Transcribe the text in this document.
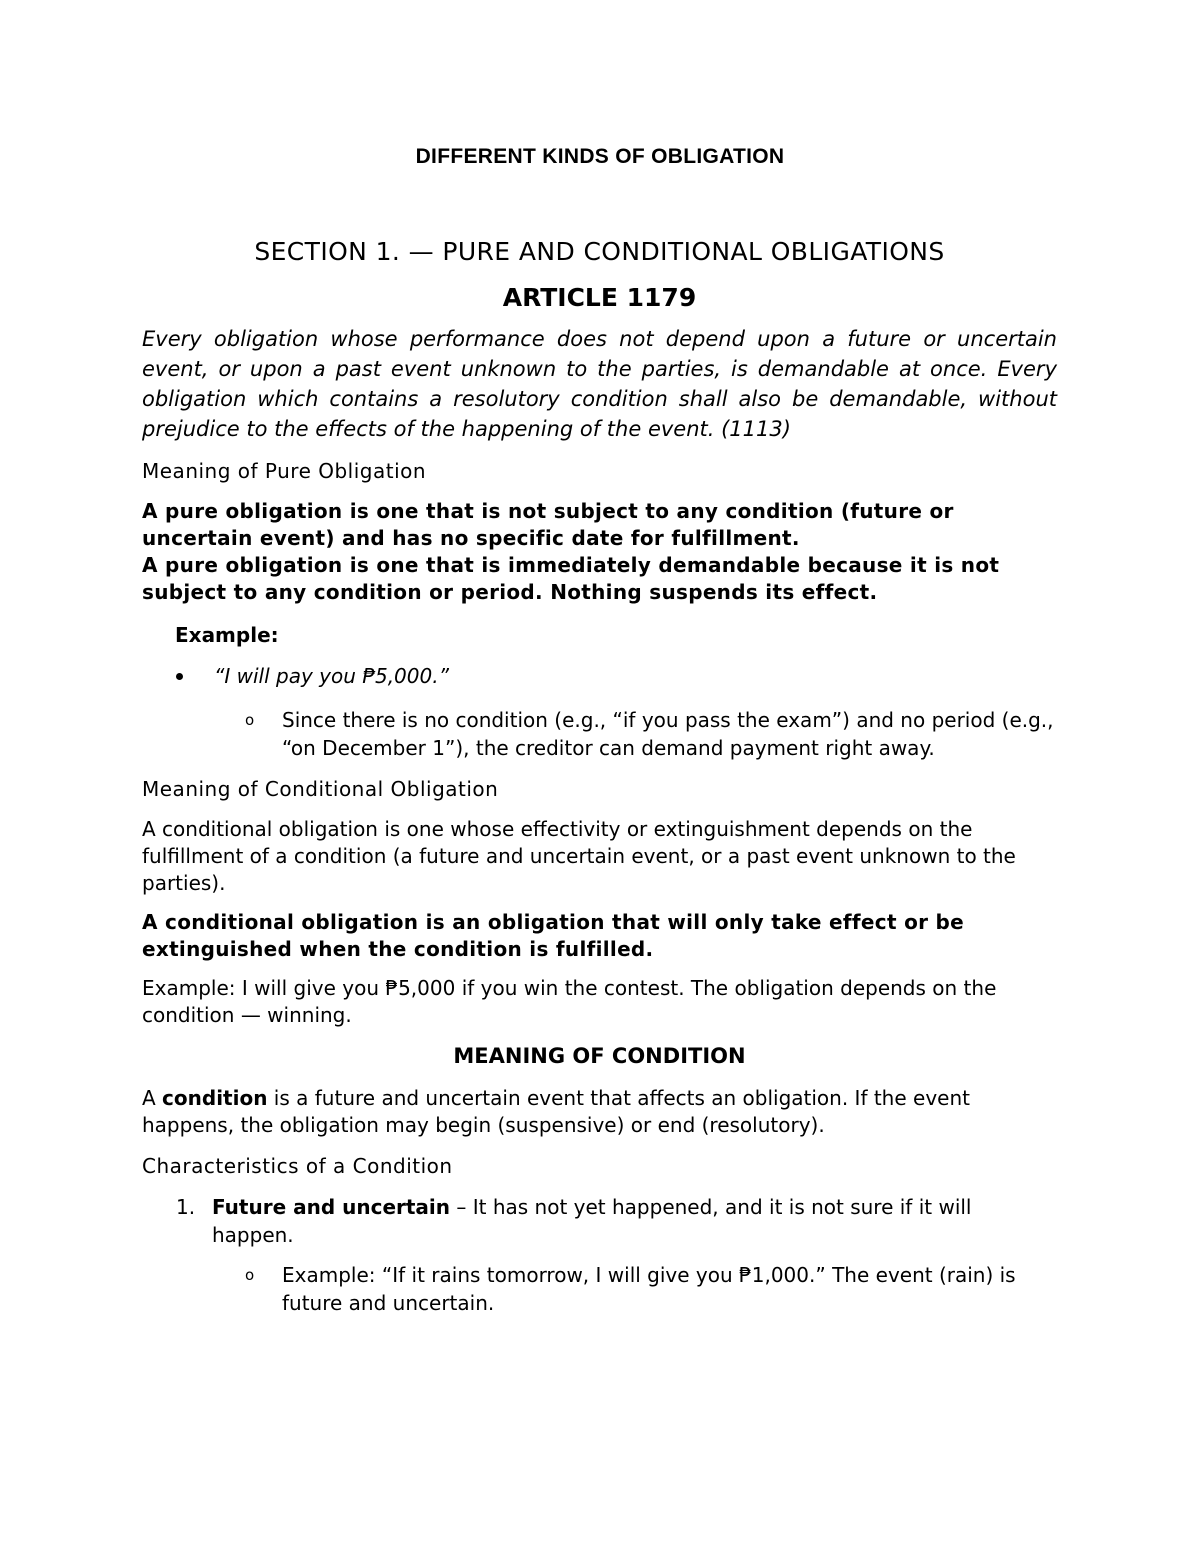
DIFFERENT KINDS OF OBLIGATION
SECTION 1. — PURE AND CONDITIONAL OBLIGATIONS
ARTICLE 1179

Every obligation whose performance does not depend upon a future or uncertain event, or upon a past event unknown to the parties, is demandable at once. Every obligation which contains a resolutory condition shall also be demandable, without prejudice to the effects of the happening of the event. (1113)

Meaning of Pure Obligation

A pure obligation is one that is not subject to any condition (future or uncertain event) and has no specific date for fulfillment.

A pure obligation is one that is immediately demandable because it is not subject to any condition or period. Nothing suspends its effect.

Example:

“I will pay you ₱5,000.”
o Since there is no condition (e.g., “if you pass the exam”) and no period (e.g., “on December 1”), the creditor can demand payment right away.

Meaning of Conditional Obligation

A conditional obligation is one whose effectivity or extinguishment depends on the fulfillment of a condition (a future and uncertain event, or a past event unknown to the parties).

A conditional obligation is an obligation that will only take effect or be extinguished when the condition is fulfilled.

Example: I will give you ₱5,000 if you win the contest. The obligation depends on the condition — winning.

MEANING OF CONDITION

A condition is a future and uncertain event that affects an obligation. If the event happens, the obligation may begin (suspensive) or end (resolutory).

Characteristics of a Condition

1. Future and uncertain – It has not yet happened, and it is not sure if it will happen.
o Example: “If it rains tomorrow, I will give you ₱1,000.” The event (rain) is future and uncertain.
